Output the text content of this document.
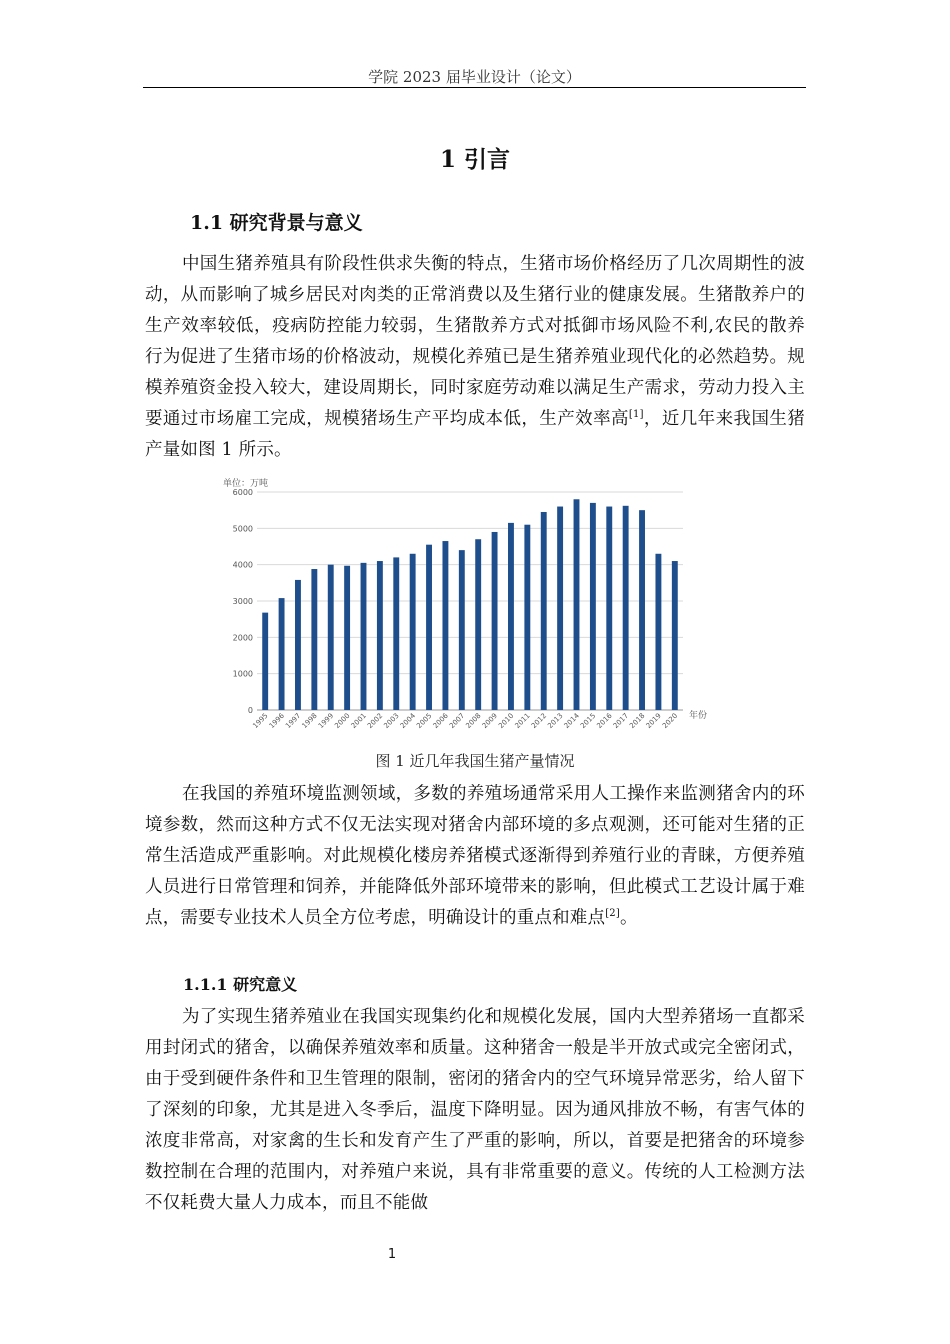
学院 2023 届毕业设计（论文）
1 引言
1.1 研究背景与意义

中国生猪养殖具有阶段性供求失衡的特点，生猪市场价格经历了几次周期性的波动，从而影响了城乡居民对肉类的正常消费以及生猪行业的健康发展。生猪散养户的生产效率较低，疫病防控能力较弱，生猪散养方式对抵御市场风险不利,农民的散养行为促进了生猪市场的价格波动，规模化养殖已是生猪养殖业现代化的必然趋势。规模养殖资金投入较大，建设周期长，同时家庭劳动难以满足生产需求，劳动力投入主要通过市场雇工完成，规模猪场生产平均成本低，生产效率高[1]，近几年来我国生猪产量如图 1 所示。

0
1000
2000
3000
4000
5000
6000
1995
1996
1997
1998
1999
2000
2001
2002
2003
2004
2005
2006
2007
2008
2009
2010
2011
2012
2013
2014
2015
2016
2017
2018
2019
2020
单位：万吨
年份
图 1 近几年我国生猪产量情况

在我国的养殖环境监测领域，多数的养殖场通常采用人工操作来监测猪舍内的环境参数，然而这种方式不仅无法实现对猪舍内部环境的多点观测，还可能对生猪的正常生活造成严重影响。对此规模化楼房养猪模式逐渐得到养殖行业的青睐，方便养殖人员进行日常管理和饲养，并能降低外部环境带来的影响，但此模式工艺设计属于难点，需要专业技术人员全方位考虑，明确设计的重点和难点[2]。

1.1.1 研究意义

为了实现生猪养殖业在我国实现集约化和规模化发展，国内大型养猪场一直都采用封闭式的猪舍，以确保养殖效率和质量。这种猪舍一般是半开放式或完全密闭式，由于受到硬件条件和卫生管理的限制，密闭的猪舍内的空气环境异常恶劣，给人留下了深刻的印象，尤其是进入冬季后，温度下降明显。因为通风排放不畅，有害气体的浓度非常高，对家禽的生长和发育产生了严重的影响，所以，首要是把猪舍的环境参数控制在合理的范围内，对养殖户来说，具有非常重要的意义。传统的人工检测方法不仅耗费大量人力成本，而且不能做

1
